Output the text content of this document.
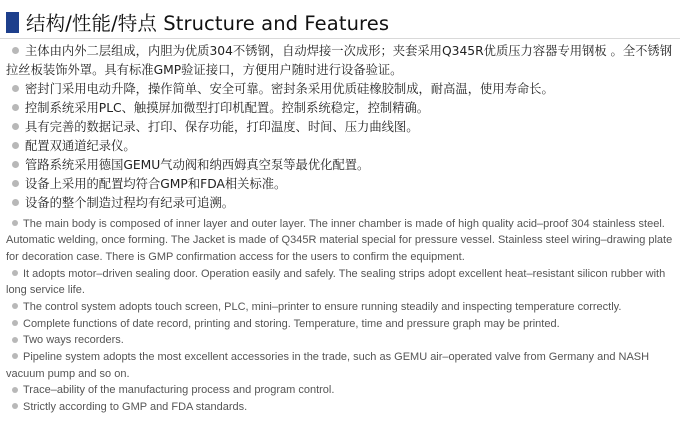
结构/性能/特点 Structure and Features
主体由内外二层组成，内胆为优质304不锈钢，自动焊接一次成形；夹套采用Q345R优质压力容器专用钢板 。全不锈钢拉丝板装饰外罩。具有标准GMP验证接口，方便用户随时进行设备验证。
密封门采用电动升降，操作简单、安全可靠。密封条采用优质硅橡胶制成，耐高温，使用寿命长。
控制系统采用PLC、触摸屏加微型打印机配置。控制系统稳定，控制精确。
具有完善的数据记录、打印、保存功能，打印温度、时间、压力曲线图。
配置双通道纪录仪。
管路系统采用德国GEMU气动阀和纳西姆真空泵等最优化配置。
设备上采用的配置均符合GMP和FDA相关标准。
设备的整个制造过程均有纪录可追溯。
The main body is composed of inner layer and outer layer. The inner chamber is made of high quality acid–proof 304 stainless steel. Automatic welding, once forming. The Jacket is made of Q345R material special for pressure vessel. Stainless steel wiring–drawing plate for decoration case. There is GMP confirmation access for the users to confirm the equipment.
It adopts motor–driven sealing door. Operation easily and safely. The sealing strips adopt excellent heat–resistant silicon rubber with long service life.
The control system adopts touch screen, PLC, mini–printer to ensure running steadily and inspecting temperature correctly.
Complete functions of date record, printing and storing. Temperature, time and pressure graph may be printed.
Two ways recorders.
Pipeline system adopts the most excellent accessories in the trade, such as GEMU air–operated valve from Germany and NASH vacuum pump and so on.
Trace–ability of the manufacturing process and program control.
Strictly according to GMP and FDA standards.
